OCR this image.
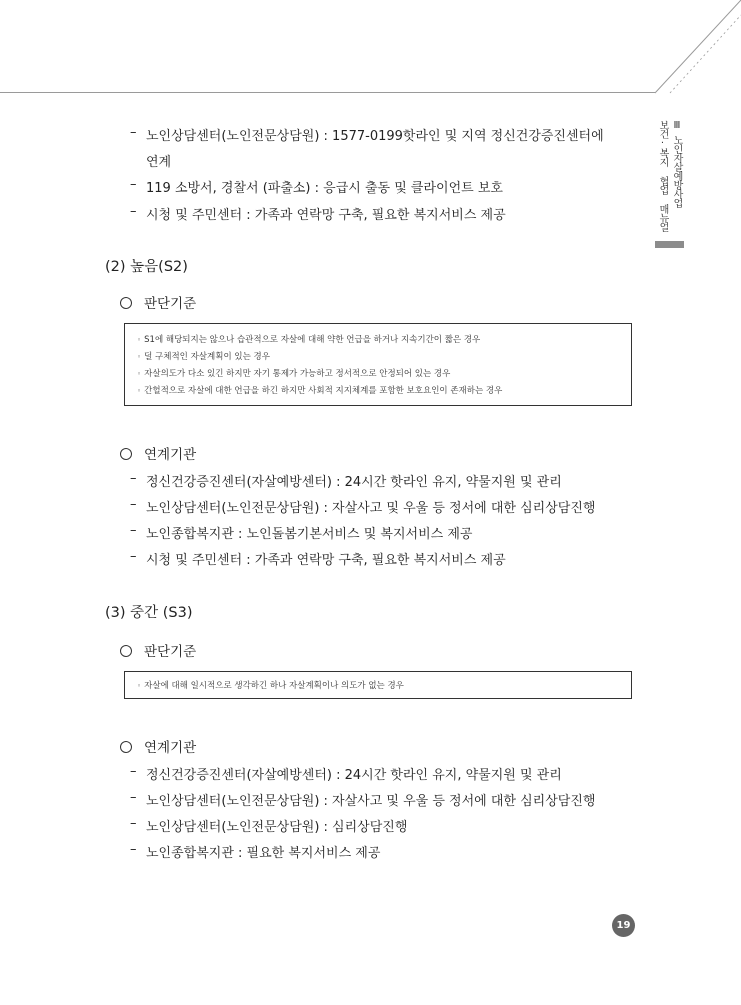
Ⅲ
노인자살예방사업
보건·복지 협업 매뉴얼
– 노인상담센터(노인전문상담원) : 1577-0199핫라인 및 지역 정신건강증진센터에
연계
– 119 소방서, 경찰서 (파출소) : 응급시 출동 및 클라이언트 보호
– 시청 및 주민센터 : 가족과 연락망 구축, 필요한 복지서비스 제공
(2) 높음(S2)
판단기준
◦ S1에 해당되지는 않으나 습관적으로 자살에 대해 약한 언급을 하거나 지속기간이 짧은 경우
◦ 덜 구체적인 자살계획이 있는 경우
◦ 자살의도가 다소 있긴 하지만 자기 통제가 가능하고 정서적으로 안정되어 있는 경우
◦ 간헐적으로 자살에 대한 언급을 하긴 하지만 사회적 지지체계를 포함한 보호요인이 존재하는 경우
연계기관
– 정신건강증진센터(자살예방센터) : 24시간 핫라인 유지, 약물지원 및 관리
– 노인상담센터(노인전문상담원) : 자살사고 및 우울 등 정서에 대한 심리상담진행
– 노인종합복지관 : 노인돌봄기본서비스 및 복지서비스 제공
– 시청 및 주민센터 : 가족과 연락망 구축, 필요한 복지서비스 제공
(3) 중간 (S3)
판단기준
◦ 자살에 대해 일시적으로 생각하긴 하나 자살계획이나 의도가 없는 경우
연계기관
– 정신건강증진센터(자살예방센터) : 24시간 핫라인 유지, 약물지원 및 관리
– 노인상담센터(노인전문상담원) : 자살사고 및 우울 등 정서에 대한 심리상담진행
– 노인상담센터(노인전문상담원) : 심리상담진행
– 노인종합복지관 : 필요한 복지서비스 제공
19
